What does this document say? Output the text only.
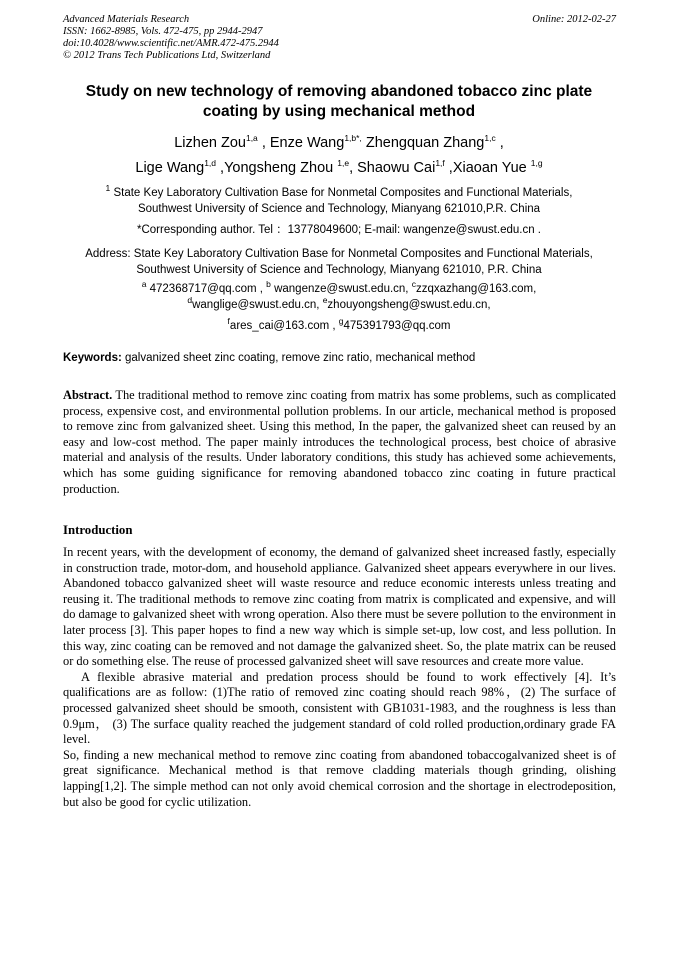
Advanced Materials Research
ISSN: 1662-8985, Vols. 472-475, pp 2944-2947
doi:10.4028/www.scientific.net/AMR.472-475.2944
© 2012 Trans Tech Publications Ltd, Switzerland
Online: 2012-02-27
Study on new technology of removing abandoned tobacco zinc plate
coating by using mechanical method
Lizhen Zou$^{1,a}$ , Enze Wang$^{1,b*,}$ Zhengquan Zhang$^{1,c}$ ,
Lige Wang$^{1,d}$ ,Yongsheng Zhou $^{1,e}$, Shaowu Cai$^{1,f}$ ,Xiaoan Yue $^{1,g}$
$^1$ State Key Laboratory Cultivation Base for Nonmetal Composites and Functional Materials,
Southwest University of Science and Technology, Mianyang 621010,P.R. China
*Corresponding author. Tel ：13778049600; E-mail: wangenze@swust.edu.cn .
Address: State Key Laboratory Cultivation Base for Nonmetal Composites and Functional Materials,
Southwest University of Science and Technology, Mianyang 621010, P.R. China
$^a$ 472368717@qq.com , $^b$ wangenze@swust.edu.cn, $^c$zzqxazhang@163.com,
$^d$wanglige@swust.edu.cn, $^e$zhouyongsheng@swust.edu.cn,
$^f$ares_cai@163.com , $^g$475391793@qq.com
Keywords: galvanized sheet zinc coating, remove zinc ratio, mechanical method

Abstract. The traditional method to remove zinc coating from matrix has some problems, such as complicated process, expensive cost, and environmental pollution problems. In our article, mechanical method is proposed to remove zinc from galvanized sheet. Using this method, In the paper, the galvanized sheet can reused by an easy and low-cost method. The paper mainly introduces the technological process, best choice of abrasive material and analysis of the results. Under laboratory conditions, this study has achieved some achievements, which has some guiding significance for removing abandoned tobacco zinc coating in future practical production.

Introduction

In recent years, with the development of economy, the demand of galvanized sheet increased fastly, especially in construction trade, motor-dom, and household appliance. Galvanized sheet appears everywhere in our lives. Abandoned tobacco galvanized sheet will waste resource and reduce economic interests unless treating and reusing it. The traditional methods to remove zinc coating from matrix is complicated and expensive, and will do damage to galvanized sheet with wrong operation. Also there must be severe pollution to the environment in later process [3]. This paper hopes to find a new way which is simple set-up, low cost, and less pollution. In this way, zinc coating can be removed and not damage the galvanized sheet. So, the plate matrix can be reused or do something else. The reuse of processed galvanized sheet will save resources and create more value.

A flexible abrasive material and predation process should be found to work effectively [4]. It’s qualifications are as follow: (1)The ratio of removed zinc coating should reach 98%，(2) The surface of processed galvanized sheet should be smooth, consistent with GB1031-1983, and the roughness is less than 0.9μm， (3) The surface quality reached the judgement standard of cold rolled production,ordinary grade FA level.

So, finding a new mechanical method to remove zinc coating from abandoned tobaccogalvanized sheet is of great significance. Mechanical method is that remove cladding materials though grinding, olishing lapping[1,2]. The simple method can not only avoid chemical corrosion and the shortage in electrodeposition, but also be good for cyclic utilization.
